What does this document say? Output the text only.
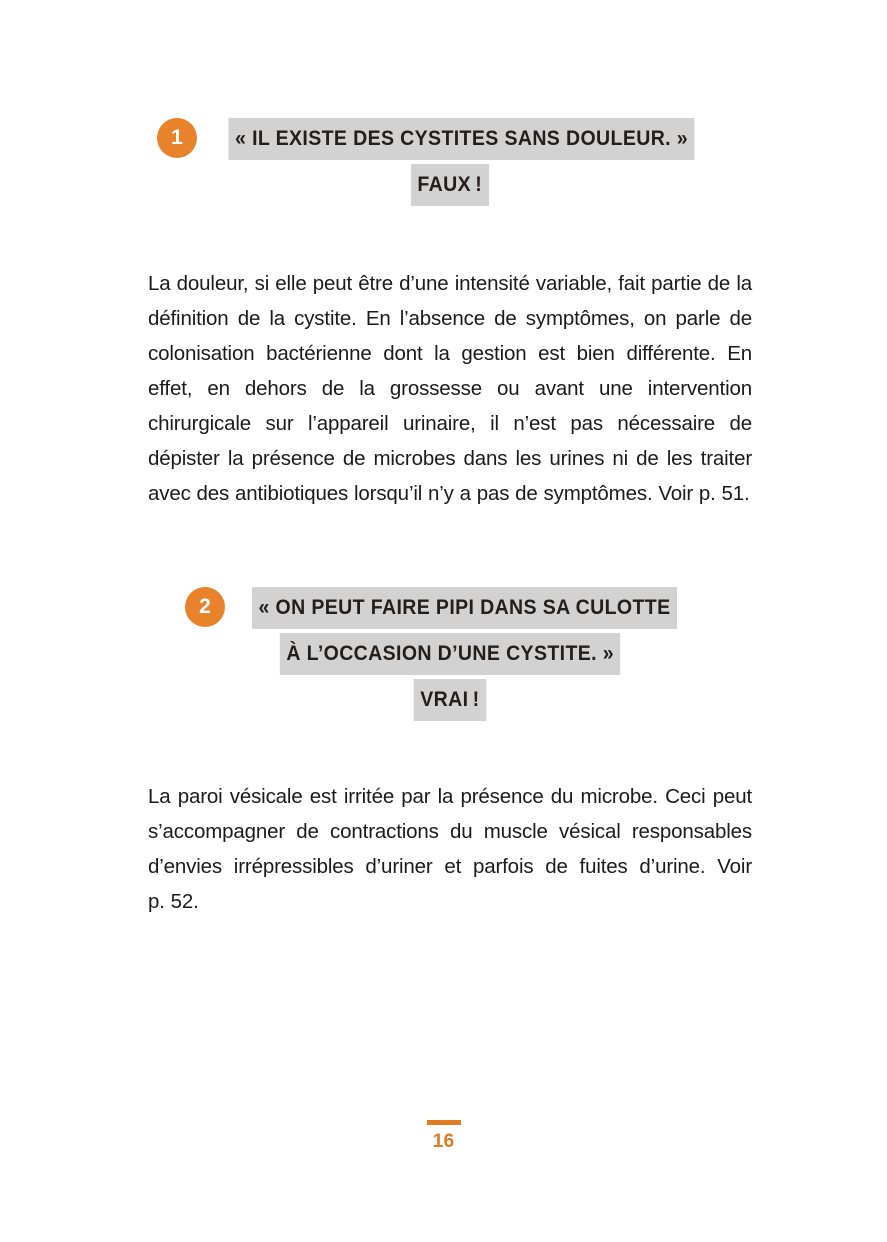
1	« IL EXISTE DES CYSTITES SANS DOULEUR. »
FAUX !

La douleur, si elle peut être d’une intensité variable, fait partie de la définition de la cystite. En l’absence de symptômes, on parle de colonisation bactérienne dont la gestion est bien différente. En effet, en dehors de la grossesse ou avant une intervention chirurgicale sur l’appareil urinaire, il n’est pas nécessaire de dépister la présence de microbes dans les urines ni de les traiter avec des antibiotiques lorsqu’il n’y a pas de symptômes. Voir p. 51.

2	« ON PEUT FAIRE PIPI DANS SA CULOTTE
À L’OCCASION D’UNE CYSTITE. »
VRAI !

La paroi vésicale est irritée par la présence du microbe. Ceci peut s’accompagner de contractions du muscle vésical responsables d’envies irrépressibles d’uriner et parfois de fuites d’urine. Voir p. 52.

16
